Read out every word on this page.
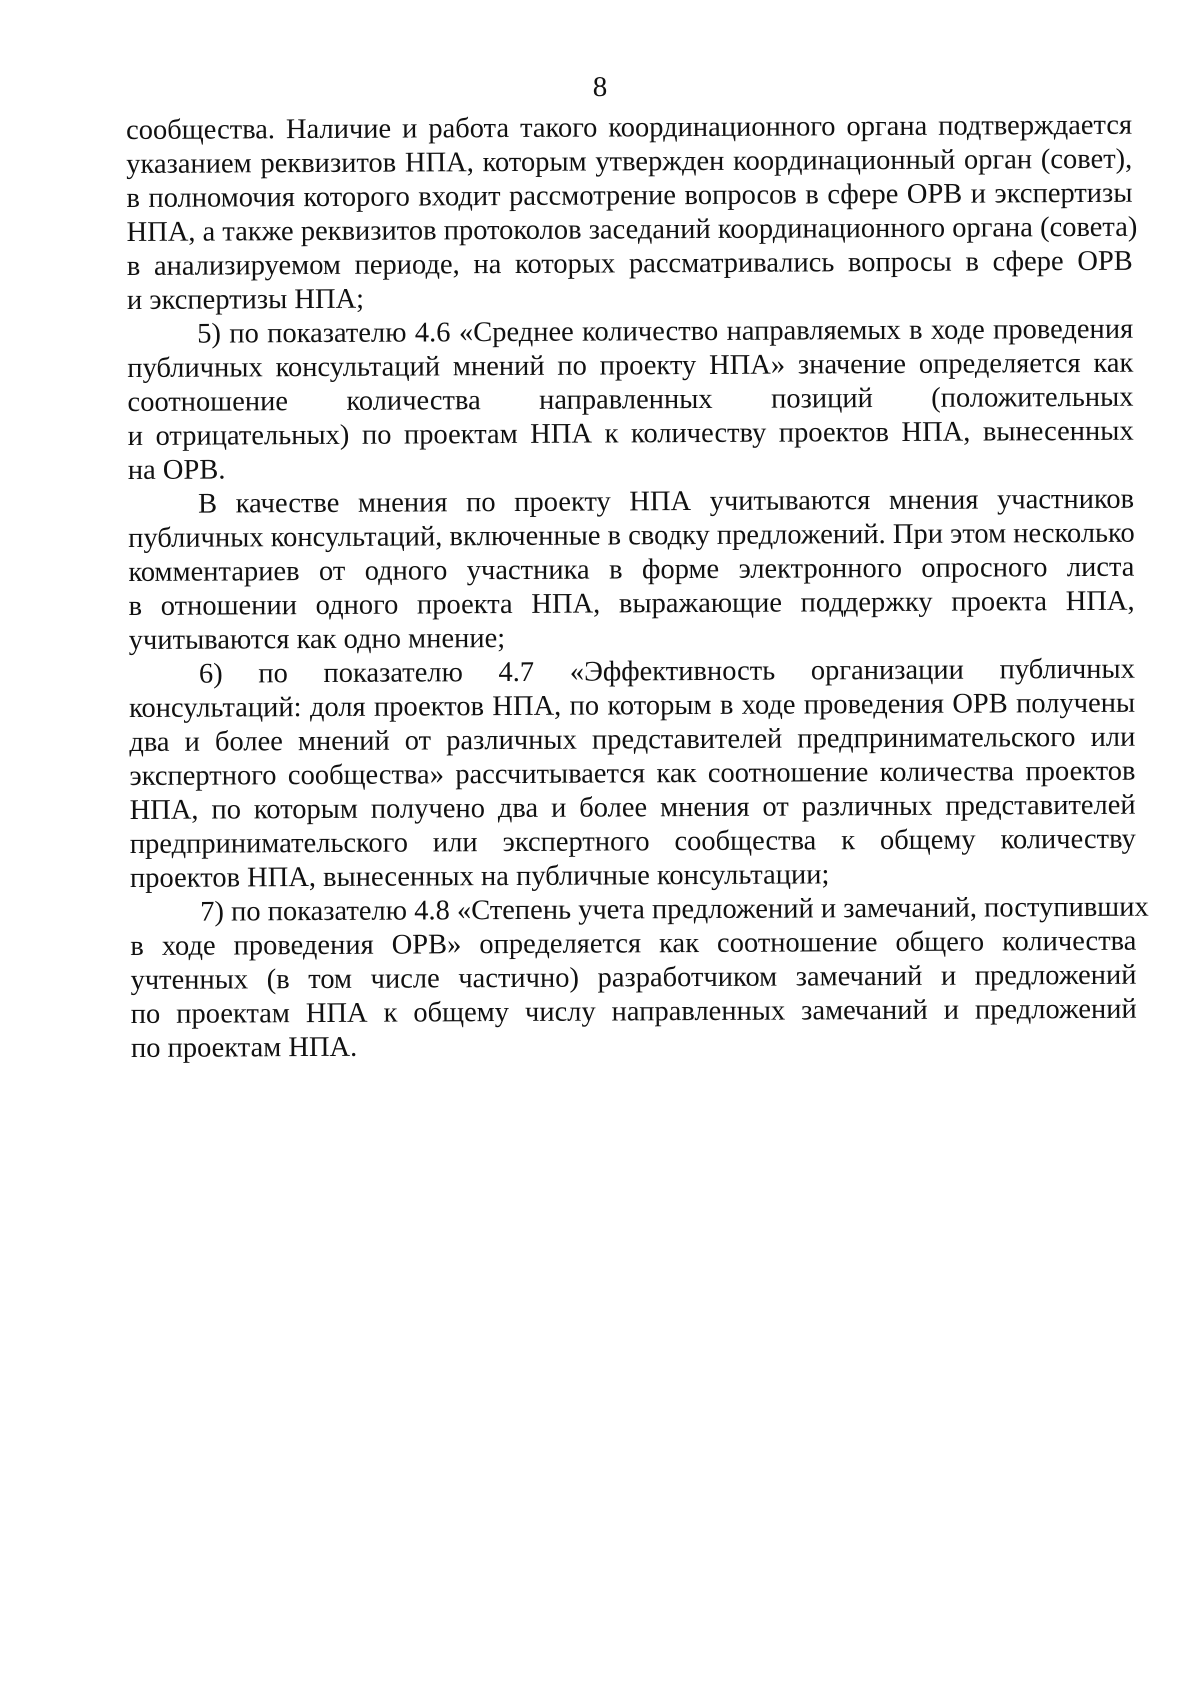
8
сообщества. Наличие и работа такого координационного органа подтверждается
указанием реквизитов НПА, которым утвержден координационный орган (совет),
в полномочия которого входит рассмотрение вопросов в сфере ОРВ и экспертизы
НПА, а также реквизитов протоколов заседаний координационного органа (совета)
в анализируемом периоде, на которых рассматривались вопросы в сфере ОРВ
и экспертизы НПА;
5) по показателю 4.6 «Среднее количество направляемых в ходе проведения
публичных консультаций мнений по проекту НПА» значение определяется как
соотношение количества направленных позиций (положительных
и отрицательных) по проектам НПА к количеству проектов НПА, вынесенных
на ОРВ.
В качестве мнения по проекту НПА учитываются мнения участников
публичных консультаций, включенные в сводку предложений. При этом несколько
комментариев от одного участника в форме электронного опросного листа
в отношении одного проекта НПА, выражающие поддержку проекта НПА,
учитываются как одно мнение;
6) по показателю 4.7 «Эффективность организации публичных
консультаций: доля проектов НПА, по которым в ходе проведения ОРВ получены
два и более мнений от различных представителей предпринимательского или
экспертного сообщества» рассчитывается как соотношение количества проектов
НПА, по которым получено два и более мнения от различных представителей
предпринимательского или экспертного сообщества к общему количеству
проектов НПА, вынесенных на публичные консультации;
7) по показателю 4.8 «Степень учета предложений и замечаний, поступивших
в ходе проведения ОРВ» определяется как соотношение общего количества
учтенных (в том числе частично) разработчиком замечаний и предложений
по проектам НПА к общему числу направленных замечаний и предложений
по проектам НПА.
